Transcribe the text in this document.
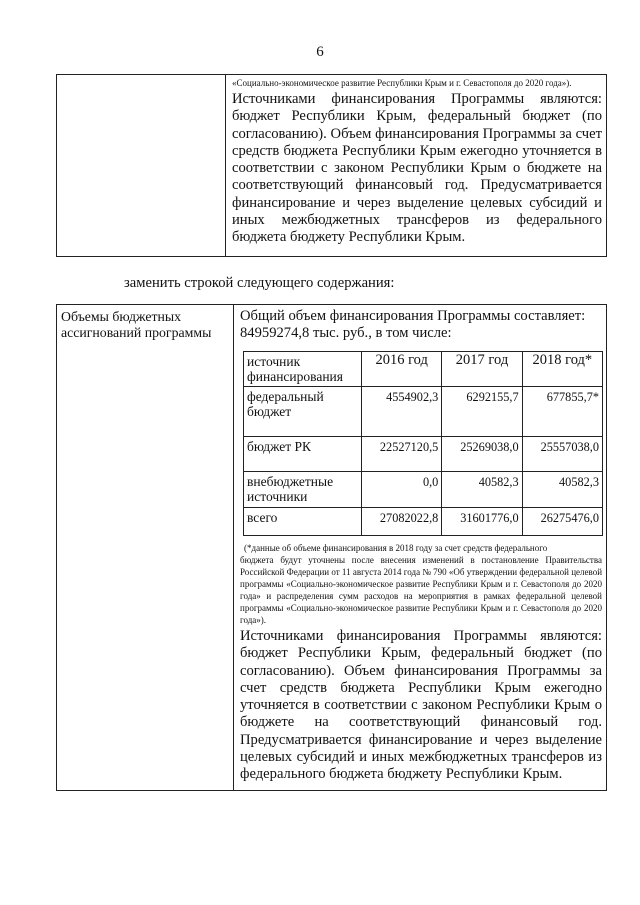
6

«Социально-экономическое развитие Республики Крым и г. Севастополя до 2020 года»).
Источниками финансирования Программы являются: бюджет Республики Крым, федеральный бюджет (по согласованию). Объем финансирования Программы за счет средств бюджета Республики Крым ежегодно уточняется в соответствии с законом Республики Крым о бюджете на соответствующий финансовый год. Предусматривается финансирование и через выделение целевых субсидий и иных межбюджетных трансферов из федерального бюджета бюджету Республики Крым.
заменить строкой следующего содержания:
Объемы бюджетных ассигнований программы	
Общий объем финансирования Программы составляет: 84959274,8 тыс. руб., в том числе:
источник финансирования	2016 год	2017 год	2018 год*
федеральный бюджет	4554902,3	6292155,7	677855,7*
бюджет РК	22527120,5	25269038,0	25557038,0
внебюджетные источники	0,0	40582,3	40582,3
всего	27082022,8	31601776,0	26275476,0
(*данные об объеме финансирования в 2018 году за счет средств федерального
бюджета будут уточнены после внесения изменений в постановление Правительства Российской Федерации от 11 августа 2014 года № 790 «Об утверждении федеральной целевой программы «Социально-экономическое развитие Республики Крым и г. Севастополя до 2020 года» и распределения сумм расходов на мероприятия в рамках федеральной целевой программы «Социально-экономическое развитие Республики Крым и г. Севастополя до 2020 года»).
Источниками финансирования Программы являются: бюджет Республики Крым, федеральный бюджет (по согласованию). Объем финансирования Программы за счет средств бюджета Республики Крым ежегодно уточняется в соответствии с законом Республики Крым о бюджете на соответствующий финансовый год. Предусматривается финансирование и через выделение целевых субсидий и иных межбюджетных трансферов из федерального бюджета бюджету Республики Крым.
